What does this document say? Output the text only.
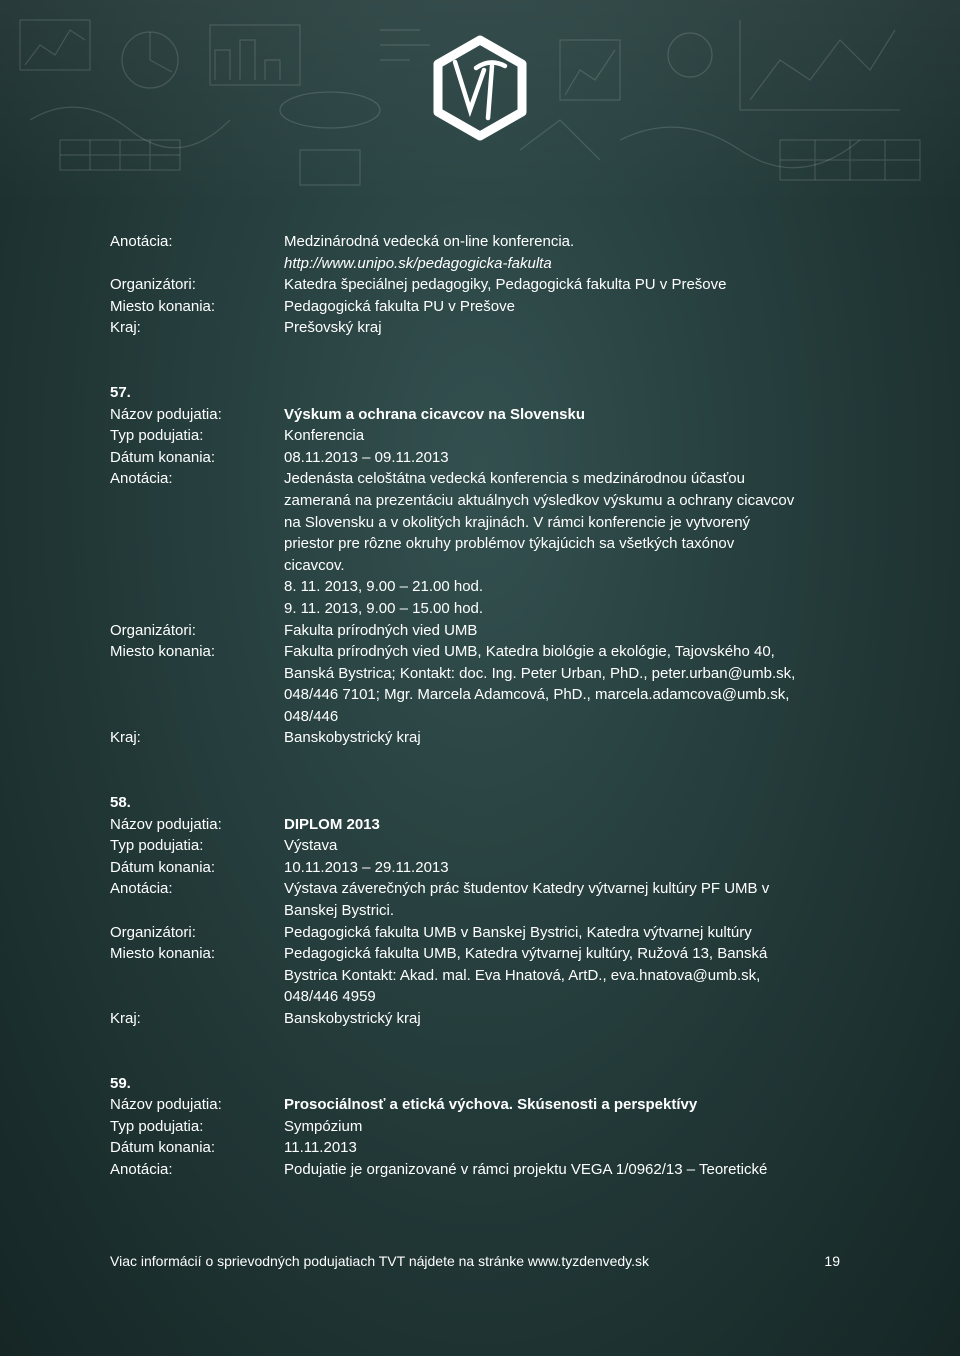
Anotácia:	Medzinárodná vedecká on-line konferencia.
http://www.unipo.sk/pedagogicka-fakulta
Organizátori:	Katedra špeciálnej pedagogiky, Pedagogická fakulta PU v Prešove
Miesto konania:	Pedagogická fakulta PU v Prešove
Kraj:	Prešovský kraj
57.
Názov podujatia:	Výskum a ochrana cicavcov na Slovensku
Typ podujatia:	Konferencia
Dátum konania:	08.11.2013 – 09.11.2013
Anotácia:	Jedenásta celoštátna vedecká konferencia s medzinárodnou účasťou
zameraná na prezentáciu aktuálnych výsledkov výskumu a ochrany cicavcov
na Slovensku a v okolitých krajinách. V rámci konferencie je vytvorený
priestor pre rôzne okruhy problémov týkajúcich sa všetkých taxónov
cicavcov.
8. 11. 2013, 9.00 – 21.00 hod.
9. 11. 2013, 9.00 – 15.00 hod.
Organizátori:	Fakulta prírodných vied UMB
Miesto konania:	Fakulta prírodných vied UMB, Katedra biológie a ekológie, Tajovského 40,
Banská Bystrica; Kontakt: doc. Ing. Peter Urban, PhD., peter.urban@umb.sk,
048/446 7101; Mgr. Marcela Adamcová, PhD., marcela.adamcova@umb.sk,
048/446
Kraj:	Banskobystrický kraj
58.
Názov podujatia:	DIPLOM 2013
Typ podujatia:	Výstava
Dátum konania:	10.11.2013 – 29.11.2013
Anotácia:	Výstava záverečných prác študentov Katedry výtvarnej kultúry PF UMB v
Banskej Bystrici.
Organizátori:	Pedagogická fakulta UMB v Banskej Bystrici, Katedra výtvarnej kultúry
Miesto konania:	Pedagogická fakulta UMB, Katedra výtvarnej kultúry, Ružová 13, Banská
Bystrica Kontakt: Akad. mal. Eva Hnatová, ArtD., eva.hnatova@umb.sk,
048/446 4959
Kraj:	Banskobystrický kraj
59.
Názov podujatia:	Prosociálnosť a etická výchova. Skúsenosti a perspektívy
Typ podujatia:	Sympózium
Dátum konania:	11.11.2013
Anotácia:	Podujatie je organizované v rámci projektu VEGA 1/0962/13 – Teoretické
Viac informácií o sprievodných podujatiach TVT nájdete na stránke www.tyzdenvedy.sk	19
